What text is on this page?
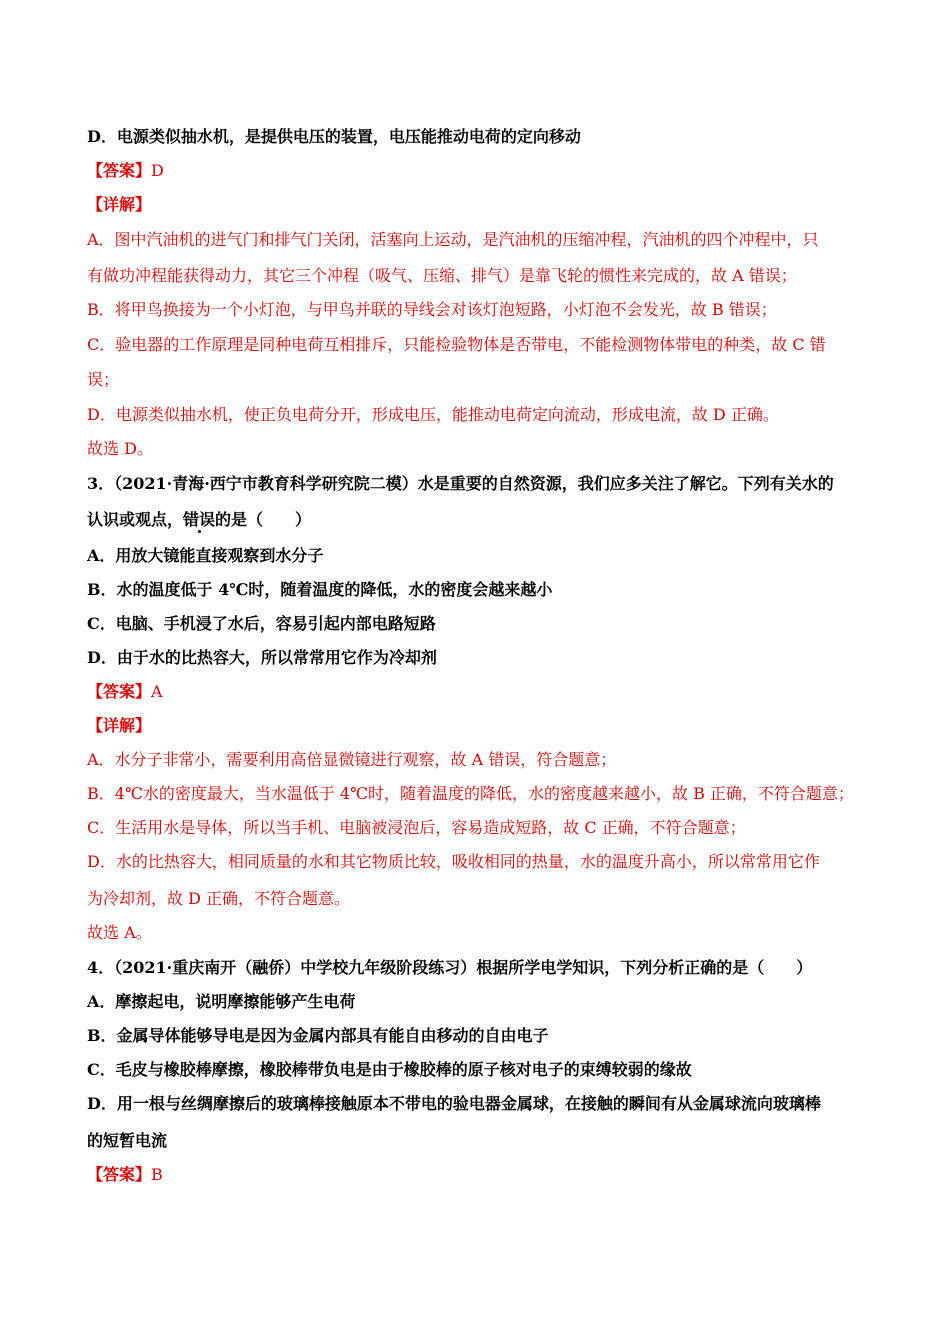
D．电源类似抽水机，是提供电压的装置，电压能推动电荷的定向移动
【答案】D
【详解】
A．图中汽油机的进气门和排气门关闭，活塞向上运动，是汽油机的压缩冲程，汽油机的四个冲程中，只
有做功冲程能获得动力，其它三个冲程（吸气、压缩、排气）是靠飞轮的惯性来完成的，故 A 错误；
B．将甲鸟换接为一个小灯泡，与甲鸟并联的导线会对该灯泡短路，小灯泡不会发光，故 B 错误；
C．验电器的工作原理是同种电荷互相排斥，只能检验物体是否带电，不能检测物体带电的种类，故 C 错
误；
D．电源类似抽水机，使正负电荷分开，形成电压，能推动电荷定向流动，形成电流，故 D 正确。
故选 D。
3．（2021·青海·西宁市教育科学研究院二模）水是重要的自然资源，我们应多关注了解它。下列有关水的
认识或观点，错误的是（　　）
A．用放大镜能直接观察到水分子
B．水的温度低于 4℃时，随着温度的降低，水的密度会越来越小
C．电脑、手机浸了水后，容易引起内部电路短路
D．由于水的比热容大，所以常常用它作为冷却剂
【答案】A
【详解】
A．水分子非常小，需要利用高倍显微镜进行观察，故 A 错误，符合题意；
B．4℃水的密度最大，当水温低于 4℃时，随着温度的降低，水的密度越来越小，故 B 正确，不符合题意；
C．生活用水是导体，所以当手机、电脑被浸泡后，容易造成短路，故 C 正确，不符合题意；
D．水的比热容大，相同质量的水和其它物质比较，吸收相同的热量，水的温度升高小，所以常常用它作
为冷却剂，故 D 正确，不符合题意。
故选 A。
4．（2021·重庆南开（融侨）中学校九年级阶段练习）根据所学电学知识，下列分析正确的是（　　）
A．摩擦起电，说明摩擦能够产生电荷
B．金属导体能够导电是因为金属内部具有能自由移动的自由电子
C．毛皮与橡胶棒摩擦，橡胶棒带负电是由于橡胶棒的原子核对电子的束缚较弱的缘故
D．用一根与丝绸摩擦后的玻璃棒接触原本不带电的验电器金属球，在接触的瞬间有从金属球流向玻璃棒
的短暂电流
【答案】B
